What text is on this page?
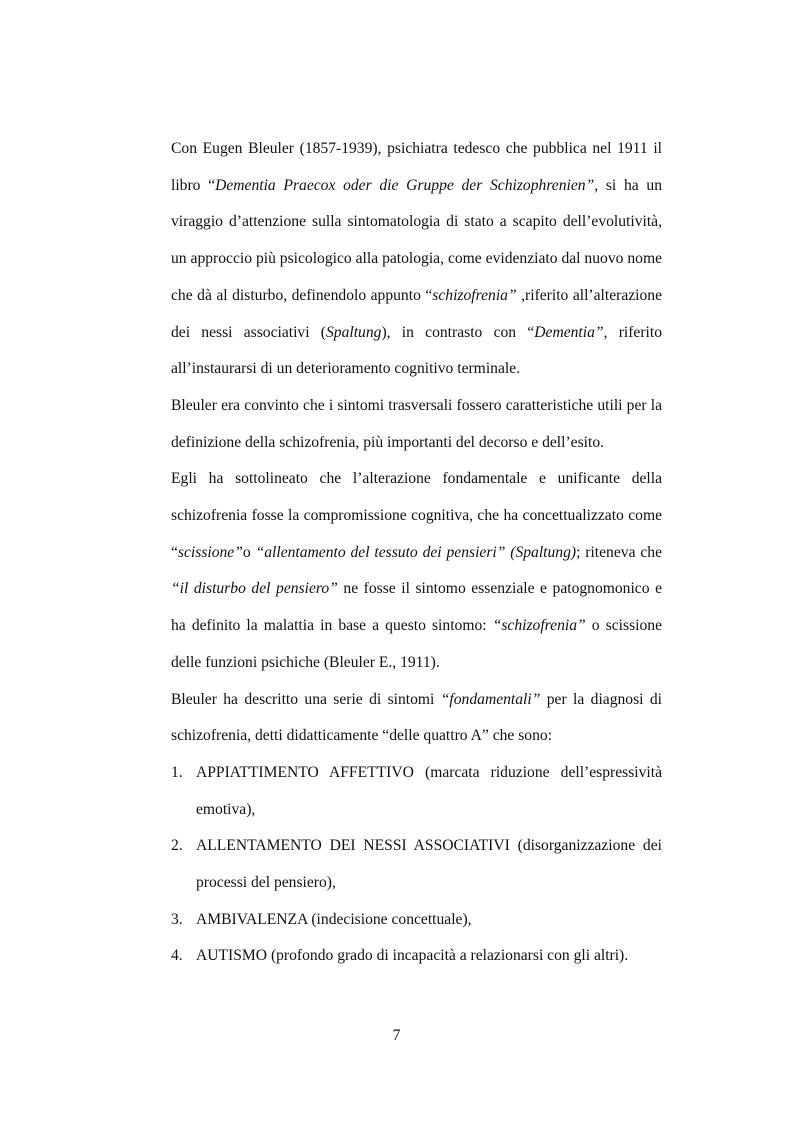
Con Eugen Bleuler (1857-1939), psichiatra tedesco che pubblica nel 1911 il libro “Dementia Praecox oder die Gruppe der Schizophrenien”, si ha un viraggio d’attenzione sulla sintomatologia di stato a scapito dell’evolutività, un approccio più psicologico alla patologia, come evidenziato dal nuovo nome che dà al disturbo, definendolo appunto “schizofrenia” ,riferito all’alterazione dei nessi associativi (Spaltung), in contrasto con “Dementia”, riferito all’instaurarsi di un deterioramento cognitivo terminale.

Bleuler era convinto che i sintomi trasversali fossero caratteristiche utili per la definizione della schizofrenia, più importanti del decorso e dell’esito.

Egli ha sottolineato che l’alterazione fondamentale e unificante della schizofrenia fosse la compromissione cognitiva, che ha concettualizzato come “scissione”o “allentamento del tessuto dei pensieri” (Spaltung); riteneva che “il disturbo del pensiero” ne fosse il sintomo essenziale e patognomonico e ha definito la malattia in base a questo sintomo: “schizofrenia” o scissione delle funzioni psichiche (Bleuler E., 1911).

Bleuler ha descritto una serie di sintomi “fondamentali” per la diagnosi di schizofrenia, detti didatticamente “delle quattro A” che sono:

1. APPIATTIMENTO AFFETTIVO (marcata riduzione dell’espressività emotiva),
2. ALLENTAMENTO DEI NESSI ASSOCIATIVI (disorganizzazione dei processi del pensiero),
3. AMBIVALENZA (indecisione concettuale),
4. AUTISMO (profondo grado di incapacità a relazionarsi con gli altri).
7
